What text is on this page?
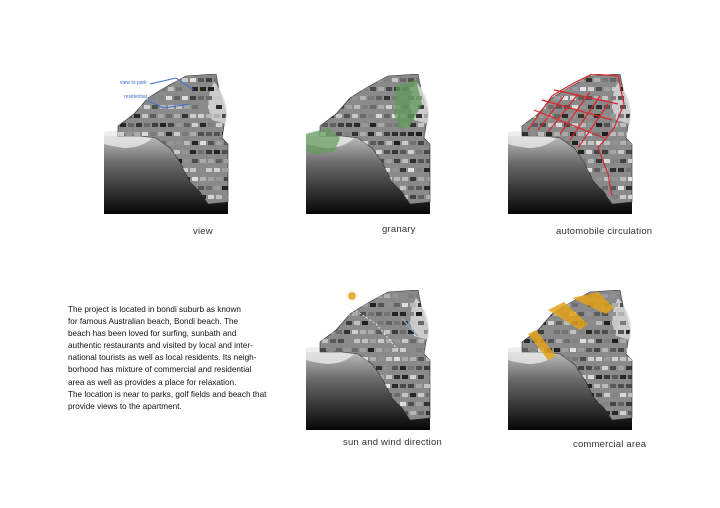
view to park
residential
view	granary	automobile circulation
sun and wind direction	commercial area

The project is located in bondi suburb as known
for famous Australian beach, Bondi beach. The
beach has been loved for surfing, sunbath and
authentic restaurants and visited by local and inter-
national tourists as well as local residents. Its neigh-
borhood has mixture of commercial and residential
area as well as provides a place for relaxation.
The location is near to parks, golf fields and beach that
provide views to the apartment.
